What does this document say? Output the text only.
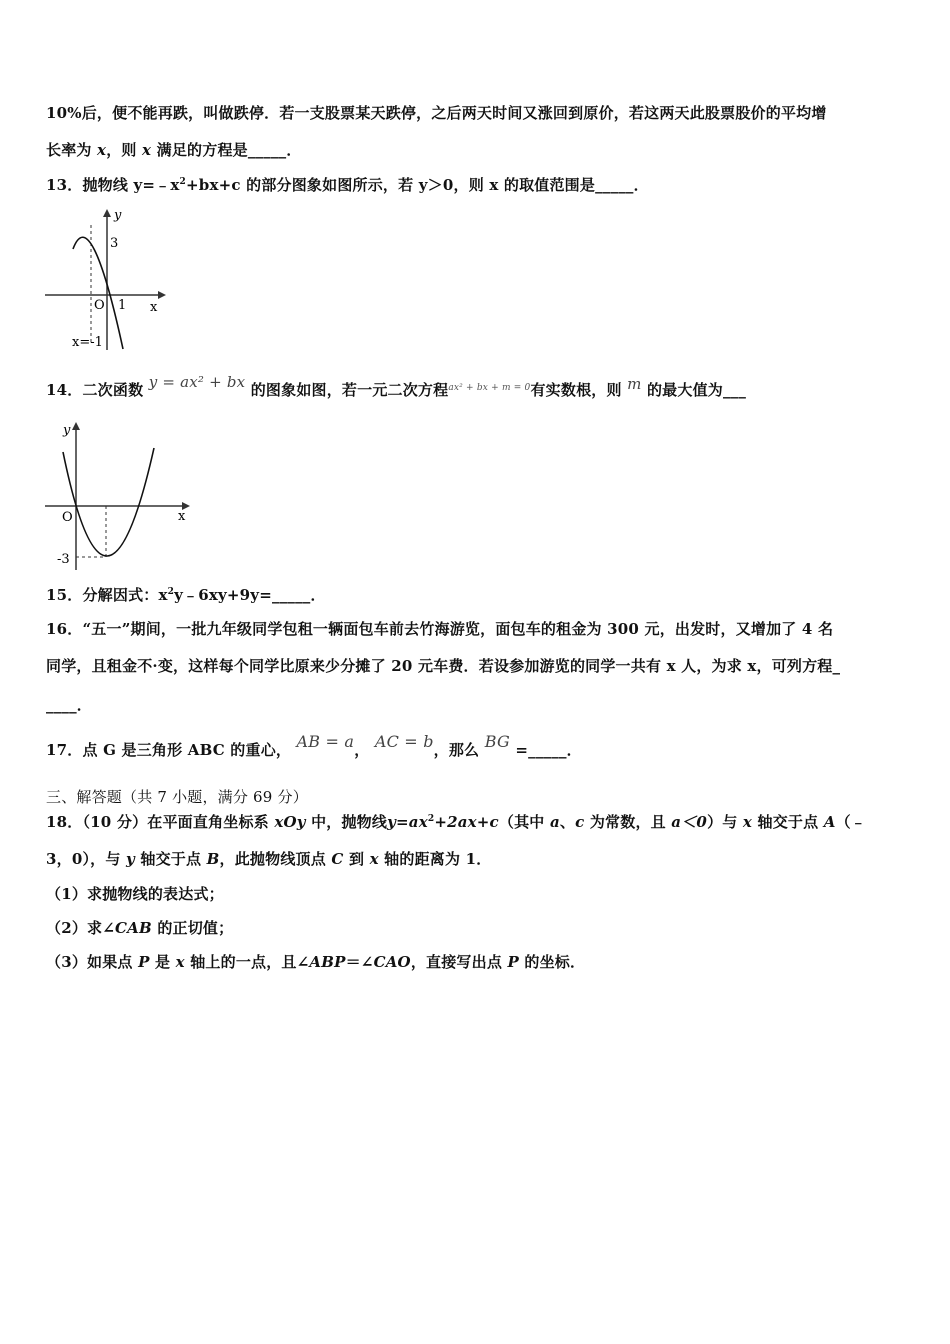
10%后，便不能再跌，叫做跌停．若一支股票某天跌停，之后两天时间又涨回到原价，若这两天此股票股价的平均增
长率为 x，则 x 满足的方程是_____．
13．抛物线 $y=﹣x^2+bx+c$ 的部分图象如图所示，若 y＞0，则 x 的取值范围是_____．
y
x
O
3
1
x=-1
14．二次函数 y = ax² + bx 的图象如图，若一元二次方程$^{ax^2 + bx + m = 0}$有实数根，则 m 的最大值为___
y
x
O
-3
15．分解因式：$x^2y﹣6xy+9y=\_\_\_\_\_$．
16．“五一”期间，一批九年级同学包租一辆面包车前去竹海游览，面包车的租金为 300 元，出发时，又增加了 4 名
同学，且租金不·变，这样每个同学比原来少分摊了 20 元车费．若设参加游览的同学一共有 x 人，为求 x，可列方程_
____．
17．点 G 是三角形 ABC 的重心， AB = a， AC = b，那么 BG =_____．
三、解答题（共 7 小题，满分 69 分）
18．（10 分）在平面直角坐标系 xOy 中，抛物线$y=ax^2+2ax+c$（其中 a、c 为常数，且 a＜0）与 x 轴交于点 A（﹣
3，0），与 y 轴交于点 B，此抛物线顶点 C 到 x 轴的距离为 1．
（1）求抛物线的表达式；
（2）求∠CAB 的正切值；
（3）如果点 P 是 x 轴上的一点，且∠ABP＝∠CAO，直接写出点 P 的坐标．
